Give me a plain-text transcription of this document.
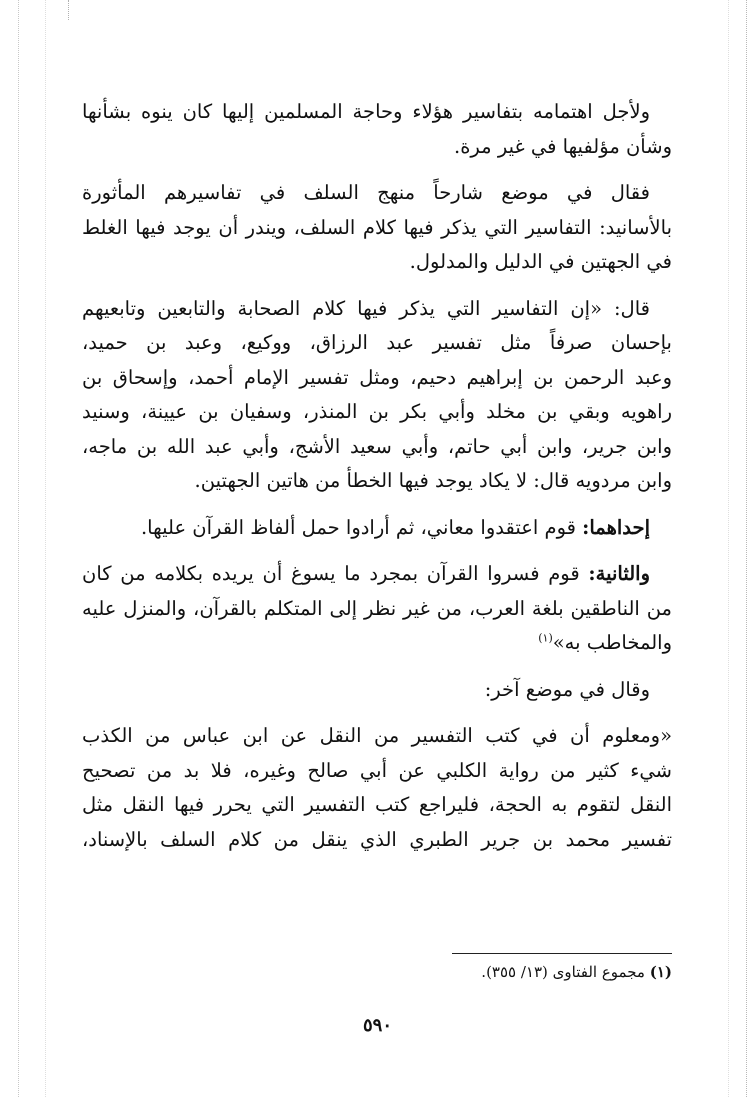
ولأجل اهتمامه بتفاسير هؤلاء وحاجة المسلمين إليها كان ينوه بشأنها
وشأن مؤلفيها في غير مرة.

فقال في موضع شارحاً منهج السلف في تفاسيرهم المأثورة
بالأسانيد: التفاسير التي يذكر فيها كلام السلف، ويندر أن يوجد فيها الغلط
في الجهتين في الدليل والمدلول.

قال: «إن التفاسير التي يذكر فيها كلام الصحابة والتابعين وتابعيهم
بإحسان صرفاً مثل تفسير عبد الرزاق، ووكيع، وعبد بن حميد،
وعبد الرحمن بن إبراهيم دحيم، ومثل تفسير الإمام أحمد، وإسحاق بن
راهويه وبقي بن مخلد وأبي بكر بن المنذر، وسفيان بن عيينة، وسنيد
وابن جرير، وابن أبي حاتم، وأبي سعيد الأشج، وأبي عبد الله بن ماجه،
وابن مردويه قال: لا يكاد يوجد فيها الخطأ من هاتين الجهتين.

إحداهما: قوم اعتقدوا معاني، ثم أرادوا حمل ألفاظ القرآن عليها.

والثانية: قوم فسروا القرآن بمجرد ما يسوغ أن يريده بكلامه من كان
من الناطقين بلغة العرب، من غير نظر إلى المتكلم بالقرآن، والمنزل عليه
والمخاطب به»$^{(١)}$

وقال في موضع آخر:

«ومعلوم أن في كتب التفسير من النقل عن ابن عباس من الكذب
شيء كثير من رواية الكلبي عن أبي صالح وغيره، فلا بد من تصحيح
النقل لتقوم به الحجة، فليراجع كتب التفسير التي يحرر فيها النقل مثل
تفسير محمد بن جرير الطبري الذي ينقل من كلام السلف بالإسناد،

(١) مجموع الفتاوى (١٣/ ٣٥٥).
٥٩٠
